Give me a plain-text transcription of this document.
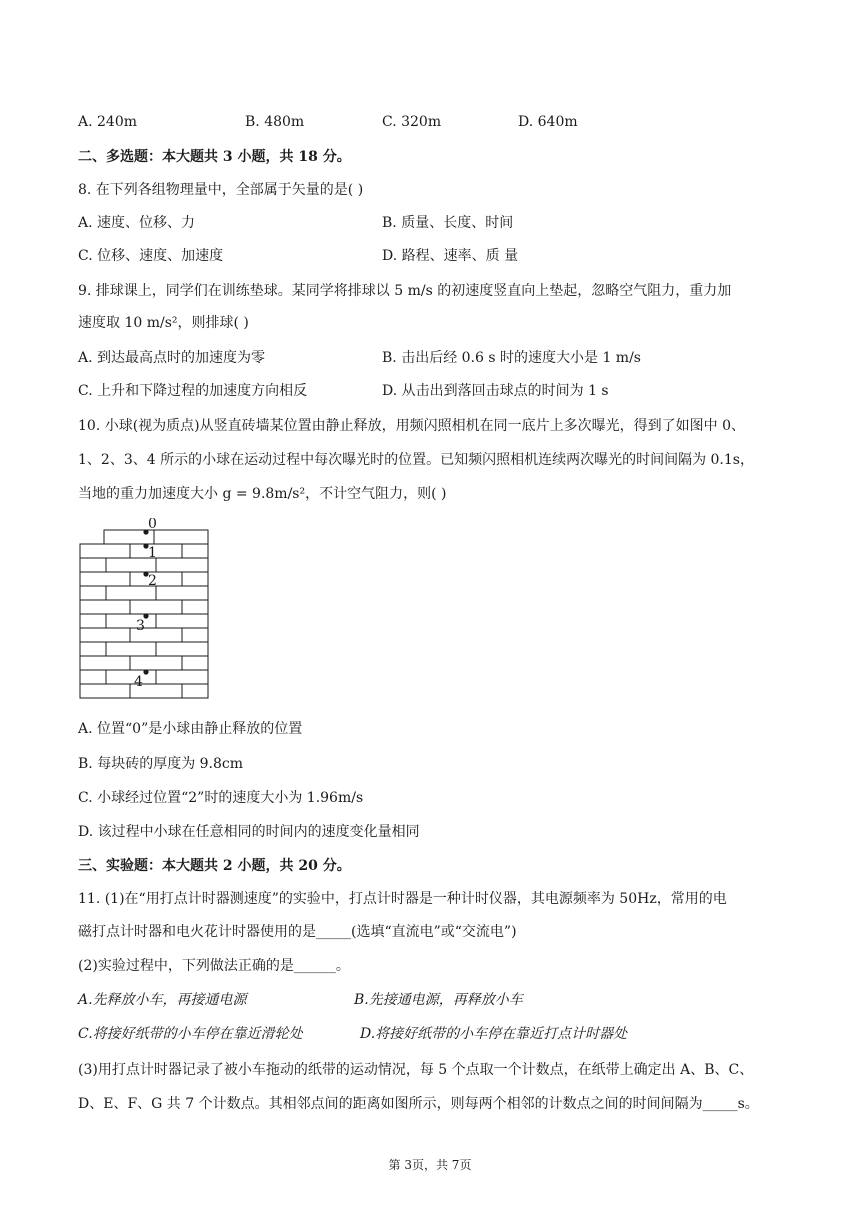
A. 240m	B. 480m	C. 320m	D. 640m
二、多选题：本大题共 3 小题，共 18 分。
8. 在下列各组物理量中，全部属于矢量的是( )
A. 速度、位移、力	B. 质量、长度、时间
C. 位移、速度、加速度	D. 路程、速率、质 量
9. 排球课上，同学们在训练垫球。某同学将排球以 5 m/s 的初速度竖直向上垫起，忽略空气阻力，重力加
速度取 10 m/s²，则排球( )
A. 到达最高点时的加速度为零	B. 击出后经 0.6 s 时的速度大小是 1 m/s
C. 上升和下降过程的加速度方向相反	D. 从击出到落回击球点的时间为 1 s
10. 小球(视为质点)从竖直砖墙某位置由静止释放，用频闪照相机在同一底片上多次曝光，得到了如图中 0、
1、2、3、4 所示的小球在运动过程中每次曝光时的位置。已知频闪照相机连续两次曝光的时间间隔为 0.1s，
当地的重力加速度大小 g = 9.8m/s²，不计空气阻力，则( )
0
1
2
3
4
A. 位置“0”是小球由静止释放的位置
B. 每块砖的厚度为 9.8cm
C. 小球经过位置“2”时的速度大小为 1.96m/s
D. 该过程中小球在任意相同的时间内的速度变化量相同
三、实验题：本大题共 2 小题，共 20 分。
11. (1)在“用打点计时器测速度”的实验中，打点计时器是一种计时仪器，其电源频率为 50Hz，常用的电
磁打点计时器和电火花计时器使用的是_____(选填“直流电”或“交流电”)
(2)实验过程中，下列做法正确的是______。
A.先释放小车，再接通电源	B.先接通电源，再释放小车
C.将接好纸带的小车停在靠近滑轮处	D.将接好纸带的小车停在靠近打点计时器处
(3)用打点计时器记录了被小车拖动的纸带的运动情况，每 5 个点取一个计数点，在纸带上确定出 A、B、C、
D、E、F、G 共 7 个计数点。其相邻点间的距离如图所示，则每两个相邻的计数点之间的时间间隔为_____s。
第 3页，共 7页
